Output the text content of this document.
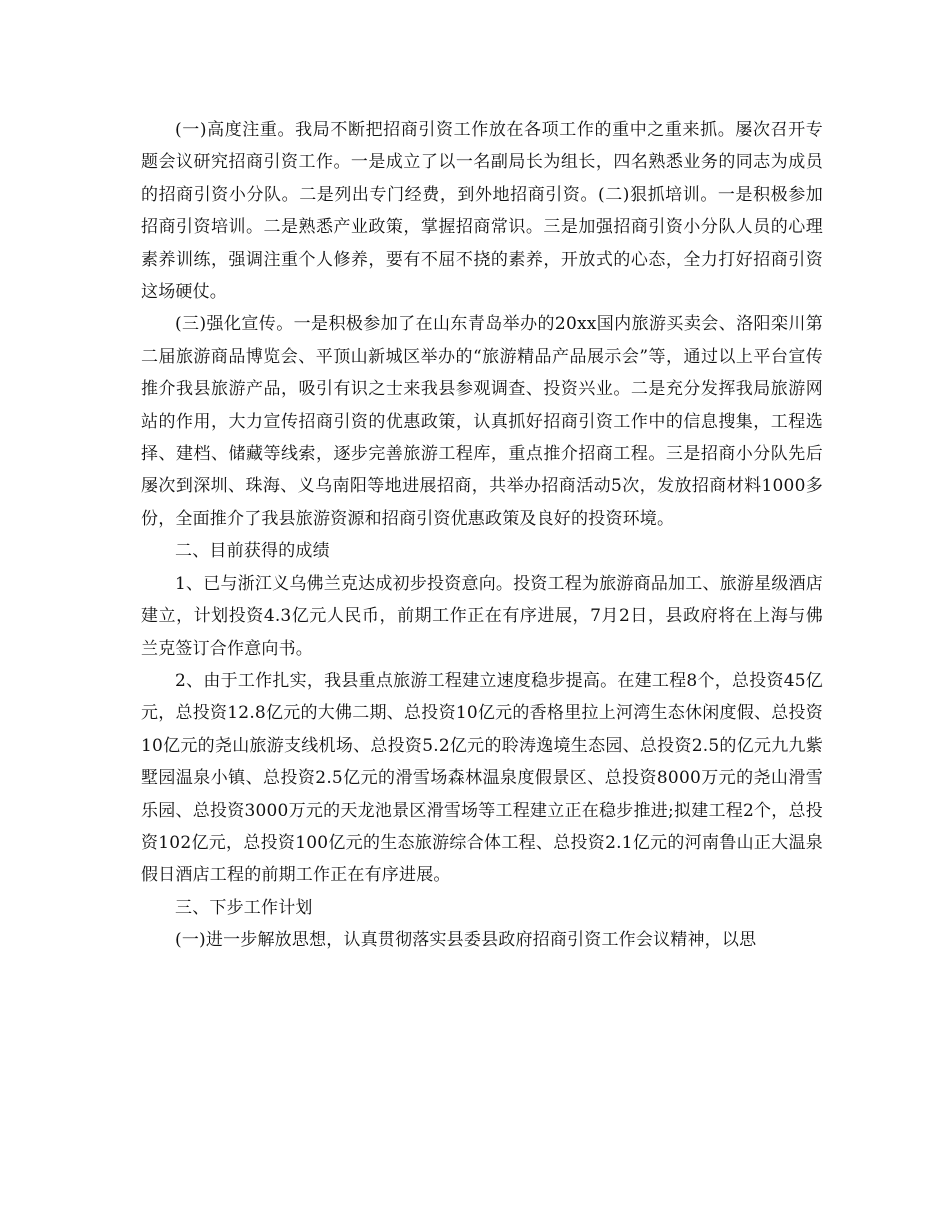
(一)高度注重。我局不断把招商引资工作放在各项工作的重中之重来抓。屡次召开专题会议研究招商引资工作。一是成立了以一名副局长为组长，四名熟悉业务的同志为成员的招商引资小分队。二是列出专门经费，到外地招商引资。(二)狠抓培训。一是积极参加招商引资培训。二是熟悉产业政策，掌握招商常识。三是加强招商引资小分队人员的心理素养训练，强调注重个人修养，要有不屈不挠的素养，开放式的心态，全力打好招商引资这场硬仗。

(三)强化宣传。一是积极参加了在山东青岛举办的20xx国内旅游买卖会、洛阳栾川第二届旅游商品博览会、平顶山新城区举办的“旅游精品产品展示会”等，通过以上平台宣传推介我县旅游产品，吸引有识之士来我县参观调查、投资兴业。二是充分发挥我局旅游网站的作用，大力宣传招商引资的优惠政策，认真抓好招商引资工作中的信息搜集，工程选择、建档、储藏等线索，逐步完善旅游工程库，重点推介招商工程。三是招商小分队先后屡次到深圳、珠海、义乌南阳等地进展招商，共举办招商活动5次，发放招商材料1000多份，全面推介了我县旅游资源和招商引资优惠政策及良好的投资环境。

二、目前获得的成绩

1、已与浙江义乌佛兰克达成初步投资意向。投资工程为旅游商品加工、旅游星级酒店建立，计划投资4.3亿元人民币，前期工作正在有序进展，7月2日，县政府将在上海与佛兰克签订合作意向书。

2、由于工作扎实，我县重点旅游工程建立速度稳步提高。在建工程8个，总投资45亿元，总投资12.8亿元的大佛二期、总投资10亿元的香格里拉上河湾生态休闲度假、总投资10亿元的尧山旅游支线机场、总投资5.2亿元的聆涛逸境生态园、总投资2.5的亿元九九紫墅园温泉小镇、总投资2.5亿元的滑雪场森林温泉度假景区、总投资8000万元的尧山滑雪乐园、总投资3000万元的天龙池景区滑雪场等工程建立正在稳步推进;拟建工程2个，总投资102亿元，总投资100亿元的生态旅游综合体工程、总投资2.1亿元的河南鲁山正大温泉假日酒店工程的前期工作正在有序进展。

三、下步工作计划

(一)进一步解放思想，认真贯彻落实县委县政府招商引资工作会议精神，以思
